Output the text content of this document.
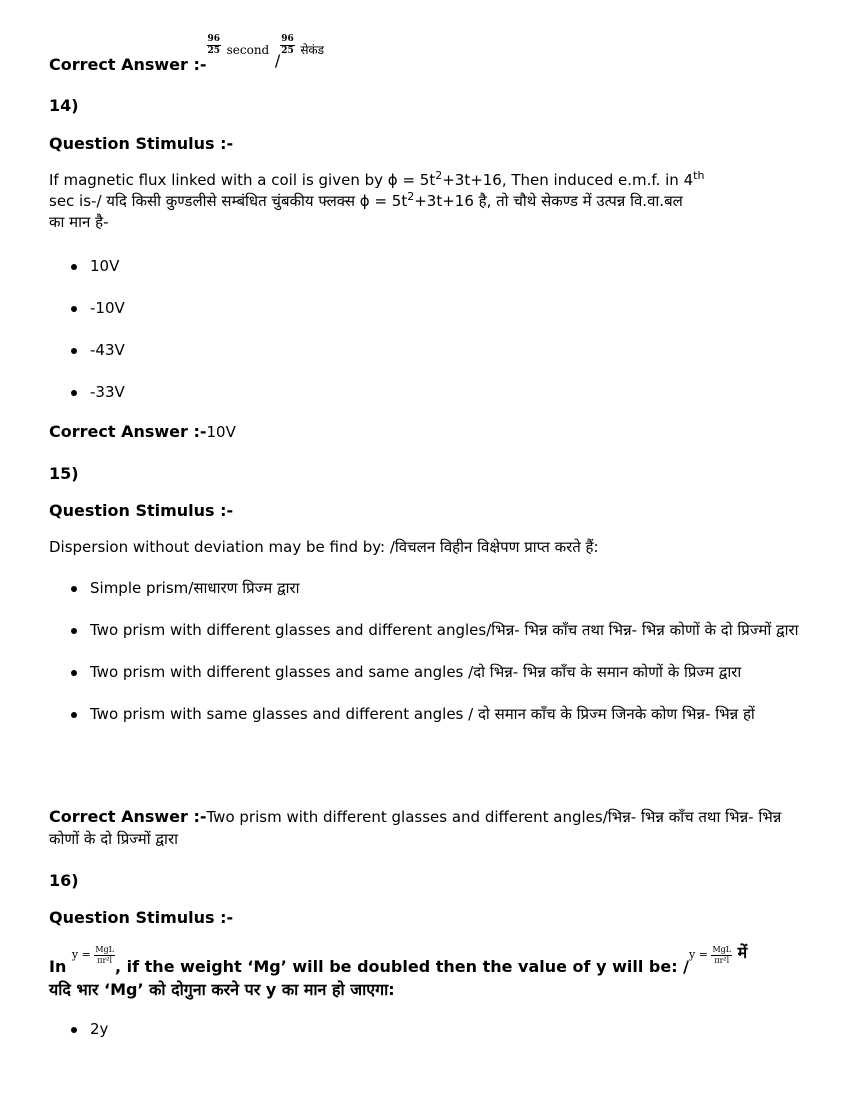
Correct Answer :-
$\frac{96}{25}$ second /
$\frac{96}{25}$ सेकंड
14)
Question Stimulus :-
If magnetic flux linked with a coil is given by $\phi = 5t^2+3t+16$, Then induced e.m.f. in 4th
sec is-/ यदि किसी कुण्डलीसे सम्बंधित चुंबकीय फ्लक्स $\phi = 5t^2+3t+16$ है, तो चौथे सेकण्ड में उत्पन्न वि.वा.बल
का मान है-
10V
-10V
-43V
-33V
Correct Answer :-10V
15)
Question Stimulus :-
Dispersion without deviation may be find by: /विचलन विहीन विक्षेपण प्राप्त करते हैं:
Simple prism/साधारण प्रिज्म द्वारा
Two prism with different glasses and different angles/भिन्न- भिन्न काँच तथा भिन्न- भिन्न कोणों के दो प्रिज्मों द्वारा
Two prism with different glasses and same angles /दो भिन्न- भिन्न काँच के समान कोणों के प्रिज्म द्वारा
Two prism with same glasses and different angles / दो समान काँच के प्रिज्म जिनके कोण भिन्न- भिन्न हों
Correct Answer :-Two prism with different glasses and different angles/भिन्न- भिन्न काँच तथा भिन्न- भिन्न कोणों के दो प्रिज्मों द्वारा
16)
Question Stimulus :-
In $y = \frac{\text{MgL}}{\text{πr²l}}$
, if the weight ‘Mg’ will be doubled then the value of y will be: $/y = \frac{\text{MgL}}{\text{πr²l}}$ में
यदि भार ‘Mg’ को दोगुना करने पर y का मान हो जाएगा:
2y
